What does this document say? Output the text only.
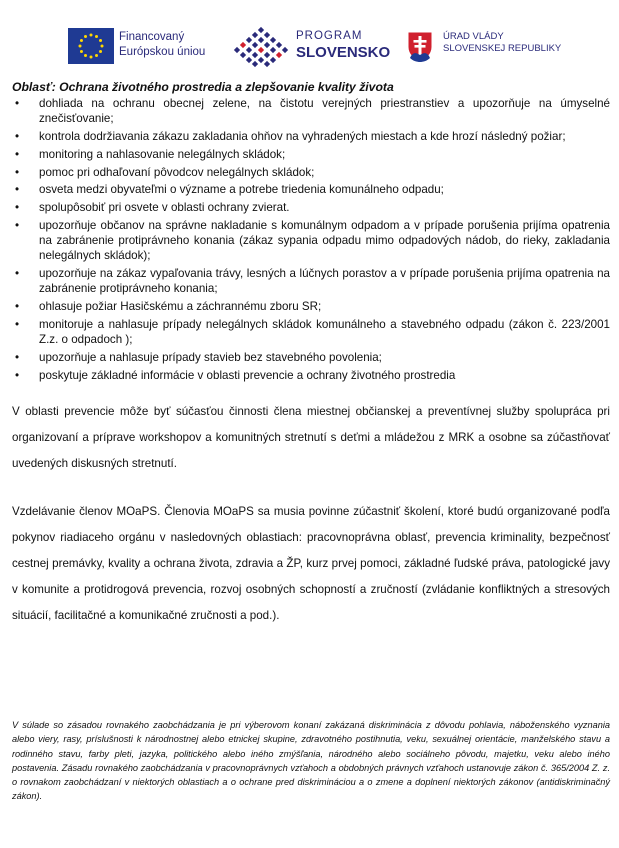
Financovaný
Európskou úniou
PROGRAM
SLOVENSKO
ÚRAD VLÁDY
SLOVENSKEJ REPUBLIKY

Oblasť: Ochrana životného prostredia a zlepšovanie kvality života

• dohliada na ochranu obecnej zelene, na čistotu verejných priestranstiev a upozorňuje na úmyselné znečisťovanie;
• kontrola dodržiavania zákazu zakladania ohňov na vyhradených miestach a kde hrozí následný požiar;
• monitoring a nahlasovanie nelegálnych skládok;
• pomoc pri odhaľovaní pôvodcov nelegálnych skládok;
• osveta medzi obyvateľmi o význame a potrebe triedenia komunálneho odpadu;
• spolupôsobiť pri osvete v oblasti ochrany zvierat.
• upozorňuje občanov na správne nakladanie s komunálnym odpadom a v prípade porušenia prijíma opatrenia na zabránenie protiprávneho konania (zákaz sypania odpadu mimo odpadových nádob, do rieky, zakladania nelegálnych skládok);
• upozorňuje na zákaz vypaľovania trávy, lesných a lúčnych porastov a v prípade porušenia prijíma opatrenia na zabránenie protiprávneho konania;
• ohlasuje požiar Hasičskému a záchrannému zboru SR;
• monitoruje a nahlasuje prípady nelegálnych skládok komunálneho a stavebného odpadu (zákon č. 223/2001 Z.z. o odpadoch );
• upozorňuje a nahlasuje prípady stavieb bez stavebného povolenia;
• poskytuje základné informácie v oblasti prevencie a ochrany životného prostredia

V oblasti prevencie môže byť súčasťou činnosti člena miestnej občianskej a preventívnej služby spolupráca pri organizovaní a príprave workshopov a komunitných stretnutí s deťmi a mládežou z MRK a osobne sa zúčastňovať uvedených diskusných stretnutí.

Vzdelávanie členov MOaPS. Členovia MOaPS sa musia povinne zúčastniť školení, ktoré budú organizované podľa pokynov riadiaceho orgánu v nasledovných oblastiach: pracovnoprávna oblasť, prevencia kriminality, bezpečnosť cestnej premávky, kvality a ochrana života, zdravia a ŽP, kurz prvej pomoci, základné ľudské práva, patologické javy v komunite a protidrogová prevencia, rozvoj osobných schopností a zručností (zvládanie konfliktných a stresových situácií, facilitačné a komunikačné zručnosti a pod.).

V súlade so zásadou rovnakého zaobchádzania je pri výberovom konaní zakázaná diskriminácia z dôvodu pohlavia, náboženského vyznania alebo viery, rasy, príslušnosti k národnostnej alebo etnickej skupine, zdravotného postihnutia, veku, sexuálnej orientácie, manželského stavu a rodinného stavu, farby pleti, jazyka, politického alebo iného zmýšľania, národného alebo sociálneho pôvodu, majetku, veku alebo iného postavenia. Zásadu rovnakého zaobchádzania v pracovnoprávnych vzťahoch a obdobných právnych vzťahoch ustanovuje zákon č. 365/2004 Z. z. o rovnakom zaobchádzaní v niektorých oblastiach a o ochrane pred diskrimináciou a o zmene a doplnení niektorých zákonov (antidiskriminačný zákon).
